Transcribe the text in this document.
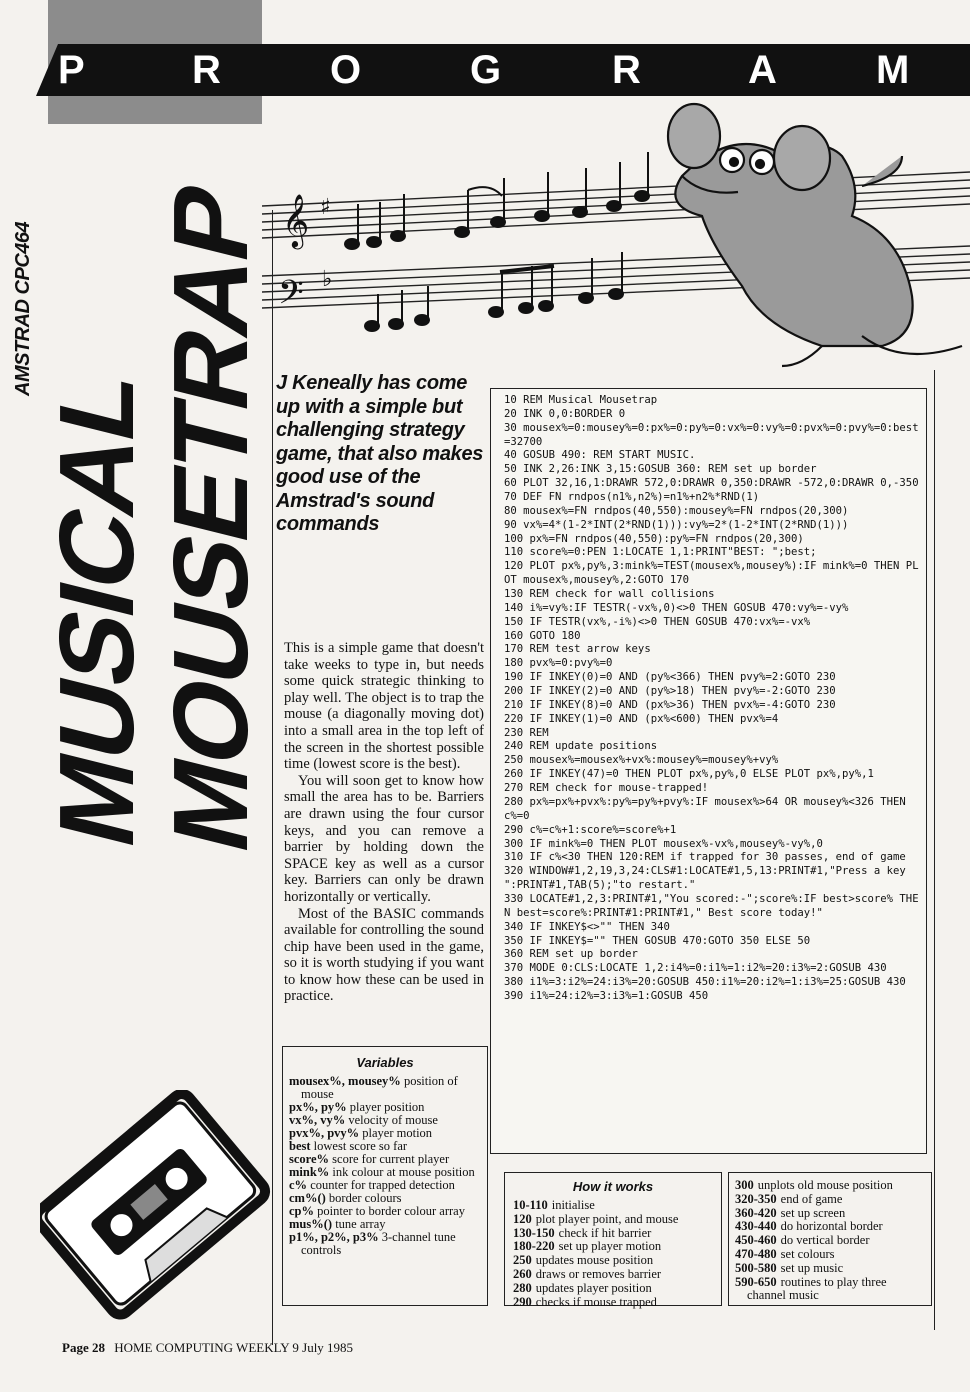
P	R	O	G	R	A M
AMSTRAD CPC464
MUSICAL
MOUSETRAP 𝄞
𝄢
♯
♭
J Keneally has come up with a simple but challenging strategy game, that also makes good use of the Amstrad's sound commands

This is a simple game that doesn't take weeks to type in, but needs some quick strategic thinking to play well. The object is to trap the mouse (a diagonally moving dot) into a small area in the top left of the screen in the shortest possible time (lowest score is the best).

You will soon get to know how small the area has to be. Barriers are drawn using the four cursor keys, and you can remove a barrier by holding down the SPACE key as well as a cursor key. Barriers can only be drawn horizontally or vertically.

Most of the BASIC commands available for controlling the sound chip have been used in the game, so it is worth studying if you want to know how these can be used in practice.

Variables
mousex%, mousey% position of mouse
px%, py% player position
vx%, vy% velocity of mouse
pvx%, pvy% player motion
best lowest score so far
score% score for current player
mink% ink colour at mouse position
c% counter for trapped detection
cm%() border colours
cp% pointer to border colour array
mus%() tune array
p1%, p2%, p3% 3-channel tune controls
10 REM Musical Mousetrap
20 INK 0,0:BORDER 0
30 mousex%=0:mousey%=0:px%=0:py%=0:vx%=0:vy%=0:pvx%=0:pvy%=0:best=32700
40 GOSUB 490: REM START MUSIC.
50 INK 2,26:INK 3,15:GOSUB 360: REM set up border
60 PLOT 32,16,1:DRAWR 572,0:DRAWR 0,350:DRAWR -572,0:DRAWR 0,-350
70 DEF FN rndpos(n1%,n2%)=n1%+n2%*RND(1)
80 mousex%=FN rndpos(40,550):mousey%=FN rndpos(20,300)
90 vx%=4*(1-2*INT(2*RND(1))):vy%=2*(1-2*INT(2*RND(1)))
100 px%=FN rndpos(40,550):py%=FN rndpos(20,300)
110 score%=0:PEN 1:LOCATE 1,1:PRINT"BEST: ";best;
120 PLOT px%,py%,3:mink%=TEST(mousex%,mousey%):IF mink%=0 THEN PLOT mousex%,mousey%,2:GOTO 170
130 REM check for wall collisions
140 i%=vy%:IF TESTR(-vx%,0)<>0 THEN GOSUB 470:vy%=-vy%
150 IF TESTR(vx%,-i%)<>0 THEN GOSUB 470:vx%=-vx%
160 GOTO 180
170 REM test arrow keys
180 pvx%=0:pvy%=0
190 IF INKEY(0)=0 AND (py%<366) THEN pvy%=2:GOTO 230
200 IF INKEY(2)=0 AND (py%>18) THEN pvy%=-2:GOTO 230
210 IF INKEY(8)=0 AND (px%>36) THEN pvx%=-4:GOTO 230
220 IF INKEY(1)=0 AND (px%<600) THEN pvx%=4
230 REM
240 REM update positions
250 mousex%=mousex%+vx%:mousey%=mousey%+vy%
260 IF INKEY(47)=0 THEN PLOT px%,py%,0 ELSE PLOT px%,py%,1
270 REM check for mouse-trapped!
280 px%=px%+pvx%:py%=py%+pvy%:IF mousex%>64 OR mousey%<326 THEN c%=0
290 c%=c%+1:score%=score%+1
300 IF mink%=0 THEN PLOT mousex%-vx%,mousey%-vy%,0
310 IF c%<30 THEN 120:REM if trapped for 30 passes, end of game
320 WINDOW#1,2,19,3,24:CLS#1:LOCATE#1,5,13:PRINT#1,"Press a key ":PRINT#1,TAB(5);"to restart."
330 LOCATE#1,2,3:PRINT#1,"You scored:-";score%:IF best>score% THEN best=score%:PRINT#1:PRINT#1," Best score today!"
340 IF INKEY$<>"" THEN 340
350 IF INKEY$="" THEN GOSUB 470:GOTO 350 ELSE 50
360 REM set up border
370 MODE 0:CLS:LOCATE 1,2:i4%=0:i1%=1:i2%=20:i3%=2:GOSUB 430
380 i1%=3:i2%=24:i3%=20:GOSUB 450:i1%=20:i2%=1:i3%=25:GOSUB 430
390 i1%=24:i2%=3:i3%=1:GOSUB 450
How it works
10-110 initialise
120 plot player point, and mouse
130-150 check if hit barrier
180-220 set up player motion
250 updates mouse position
260 draws or removes barrier
280 updates player position
290 checks if mouse trapped
300 unplots old mouse position
320-350 end of game
360-420 set up screen
430-440 do horizontal border
450-460 do vertical border
470-480 set colours
500-580 set up music
590-650 routines to play three channel music
Page 28 HOME COMPUTING WEEKLY 9 July 1985
